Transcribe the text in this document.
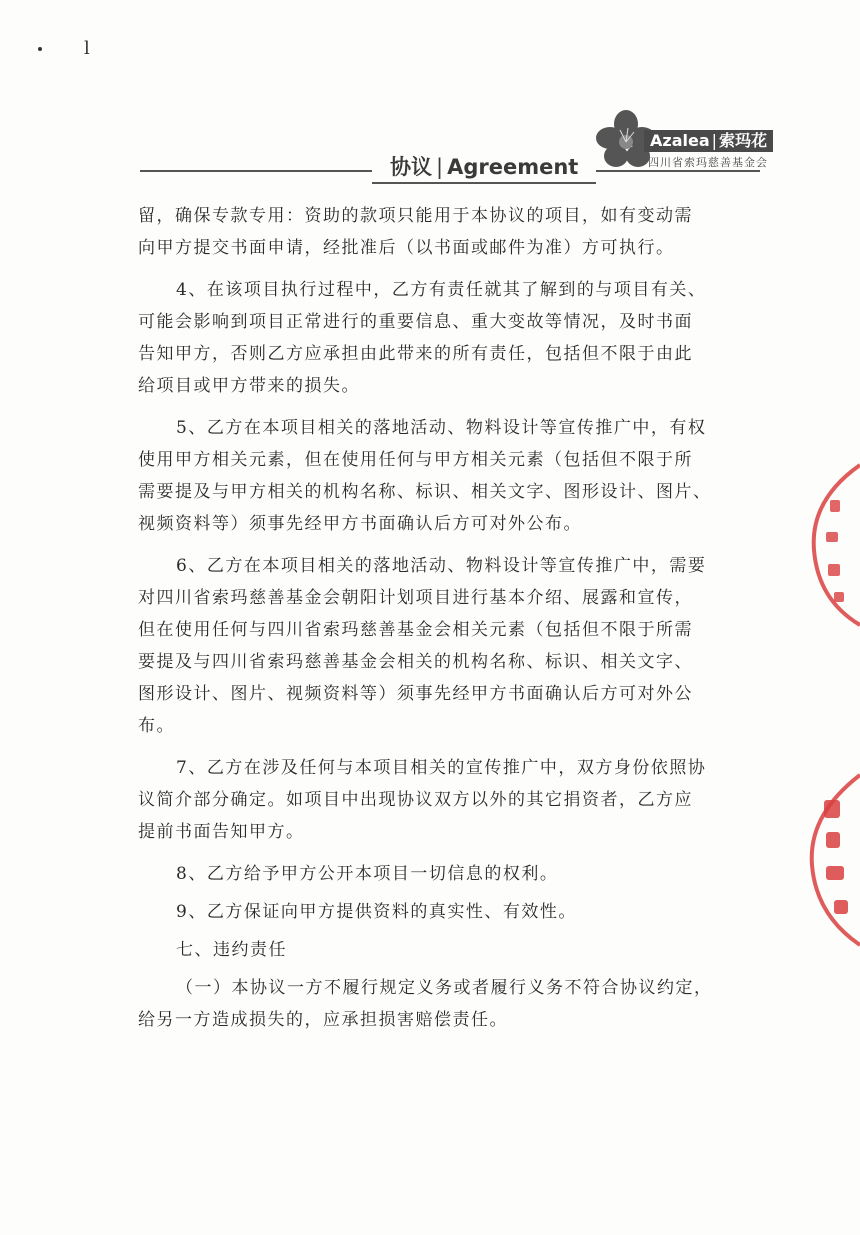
l
Azalea | 索玛花
四川省索玛慈善基金会
协议 | Agreement
留，确保专款专用：资助的款项只能用于本协议的项目，如有变动需
向甲方提交书面申请，经批准后（以书面或邮件为准）方可执行。
4、在该项目执行过程中，乙方有责任就其了解到的与项目有关、
可能会影响到项目正常进行的重要信息、重大变故等情况，及时书面
告知甲方，否则乙方应承担由此带来的所有责任，包括但不限于由此
给项目或甲方带来的损失。
5、乙方在本项目相关的落地活动、物料设计等宣传推广中，有权
使用甲方相关元素，但在使用任何与甲方相关元素（包括但不限于所
需要提及与甲方相关的机构名称、标识、相关文字、图形设计、图片、
视频资料等）须事先经甲方书面确认后方可对外公布。
6、乙方在本项目相关的落地活动、物料设计等宣传推广中，需要
对四川省索玛慈善基金会朝阳计划项目进行基本介绍、展露和宣传，
但在使用任何与四川省索玛慈善基金会相关元素（包括但不限于所需
要提及与四川省索玛慈善基金会相关的机构名称、标识、相关文字、
图形设计、图片、视频资料等）须事先经甲方书面确认后方可对外公
布。
7、乙方在涉及任何与本项目相关的宣传推广中，双方身份依照协
议简介部分确定。如项目中出现协议双方以外的其它捐资者，乙方应
提前书面告知甲方。
8、乙方给予甲方公开本项目一切信息的权利。
9、乙方保证向甲方提供资料的真实性、有效性。
七、违约责任
（一）本协议一方不履行规定义务或者履行义务不符合协议约定，
给另一方造成损失的，应承担损害赔偿责任。
